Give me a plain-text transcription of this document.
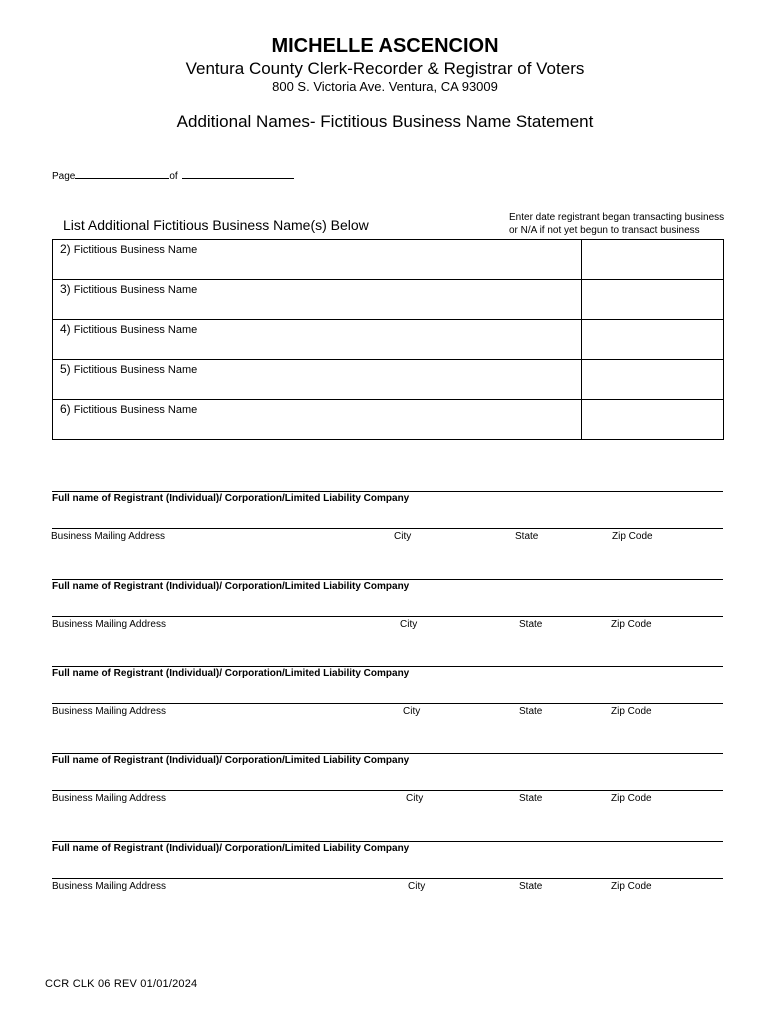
MICHELLE ASCENCION
Ventura County Clerk-Recorder & Registrar of Voters
800 S. Victoria Ave. Ventura, CA 93009
Additional Names- Fictitious Business Name Statement
Page	of
List Additional Fictitious Business Name(s) Below	Enter date registrant began transacting business or N/A if not yet begun to transact business
2) Fictitious Business Name	

3) Fictitious Business Name	

4) Fictitious Business Name	

5) Fictitious Business Name	

6) Fictitious Business Name	

Full name of Registrant (Individual)/ Corporation/Limited Liability Company
Business Mailing Address	City	State	Zip Code
Full name of Registrant (Individual)/ Corporation/Limited Liability Company
Business Mailing Address	City	State	Zip Code
Full name of Registrant (Individual)/ Corporation/Limited Liability Company
Business Mailing Address	City	State	Zip Code
Full name of Registrant (Individual)/ Corporation/Limited Liability Company
Business Mailing Address	City	State	Zip Code
Full name of Registrant (Individual)/ Corporation/Limited Liability Company
Business Mailing Address	City	State	Zip Code
CCR CLK 06 REV 01/01/2024
